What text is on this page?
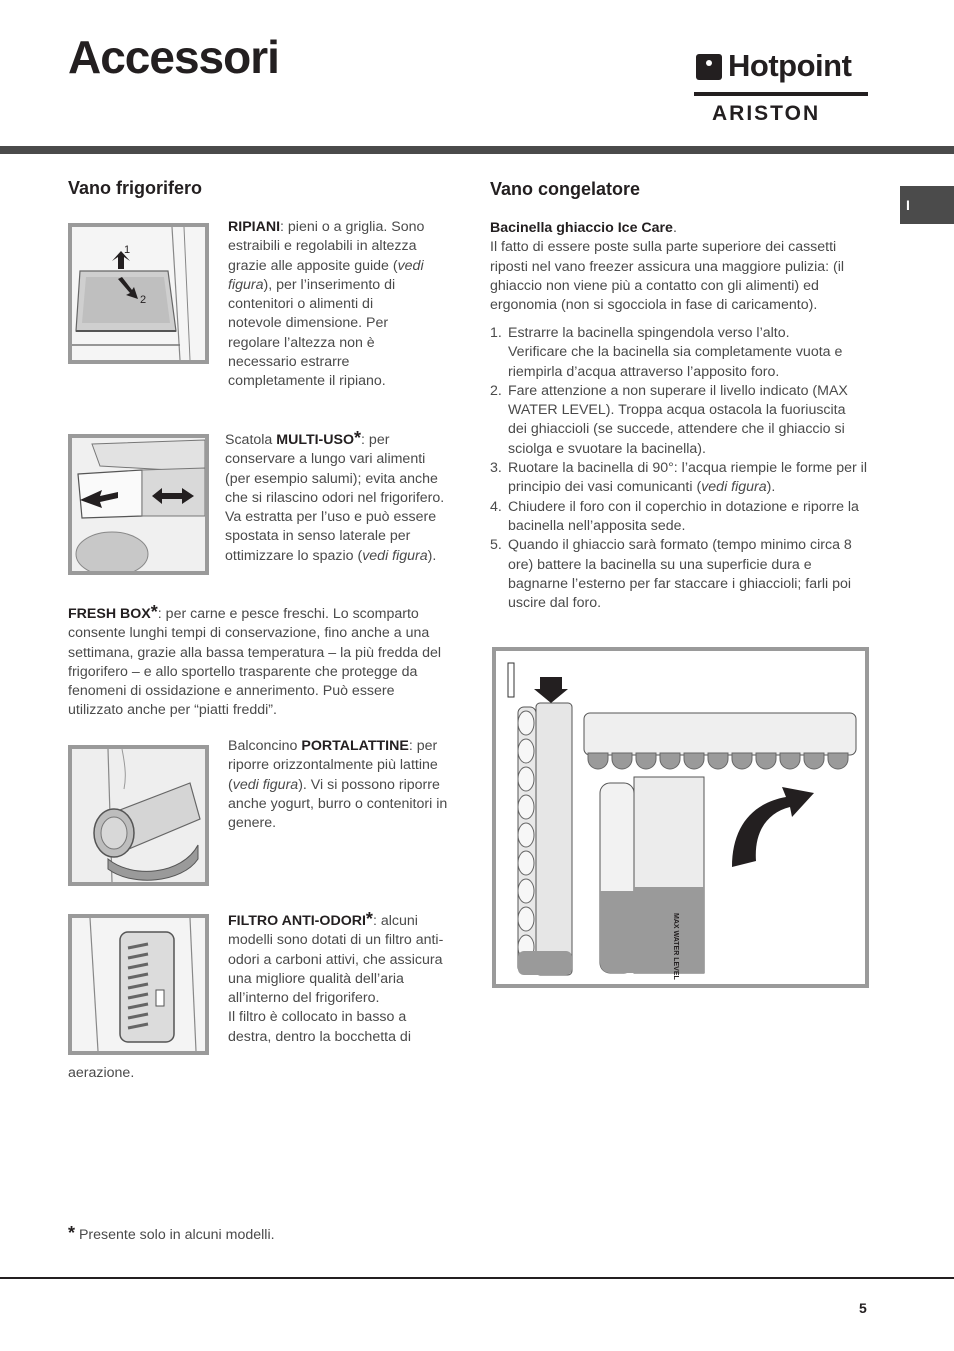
Accessori	Hotpoint
ARISTON
I
Vano frigorifero
1
2

RIPIANI: pieni o a griglia. Sono estraibili e regolabili in altezza grazie alle apposite guide (vedi figura), per l’inserimento di contenitori o alimenti di notevole dimensione. Per regolare l’altezza non è necessario estrarre completamente il ripiano.

Scatola MULTI-USO*: per conservare a lungo vari alimenti (per esempio salumi); evita anche che si rilascino odori nel frigorifero. Va estratta per l’uso e può essere spostata in senso laterale per ottimizzare lo spazio (vedi figura).

FRESH BOX*: per carne e pesce freschi. Lo scomparto consente lunghi tempi di conservazione, fino anche a una settimana, grazie alla bassa temperatura – la più fredda del frigorifero – e allo sportello trasparente che protegge da fenomeni di ossidazione e annerimento. Può essere utilizzato anche per “piatti freddi”.

Balconcino PORTALATTINE: per riporre orizzontalmente più lattine (vedi figura). Vi si possono riporre anche yogurt, burro o contenitori in genere.

FILTRO ANTI-ODORI*: alcuni modelli sono dotati di un filtro anti-odori a carboni attivi, che assicura una migliore qualità dell’aria all’interno del frigorifero.
Il filtro è collocato in basso a destra, dentro la bocchetta di

aerazione.

Vano congelatore

Bacinella ghiaccio Ice Care.
Il fatto di essere poste sulla parte superiore dei cassetti riposti nel vano freezer assicura una maggiore pulizia: (il ghiaccio non viene più a contatto con gli alimenti) ed ergonomia (non si sgocciola in fase di caricamento).

1. Estrarre la bacinella spingendola verso l’alto.
Verificare che la bacinella sia completamente vuota e riempirla d’acqua attraverso l’apposito foro.
2. Fare attenzione a non superare il livello indicato (MAX WATER LEVEL). Troppa acqua ostacola la fuoriuscita dei ghiaccioli (se succede, attendere che il ghiaccio si sciolga e svuotare la bacinella).
3. Ruotare la bacinella di 90°: l’acqua riempie le forme per il principio dei vasi comunicanti (vedi figura).
4. Chiudere il foro con il coperchio in dotazione e riporre la bacinella nell’apposita sede.
5. Quando il ghiaccio sarà formato (tempo minimo circa 8 ore) battere la bacinella su una superficie dura e bagnarne l’esterno per far staccare i ghiaccioli; farli poi uscire dal foro.
MAX WATER LEVEL
* Presente solo in alcuni modelli.
5
